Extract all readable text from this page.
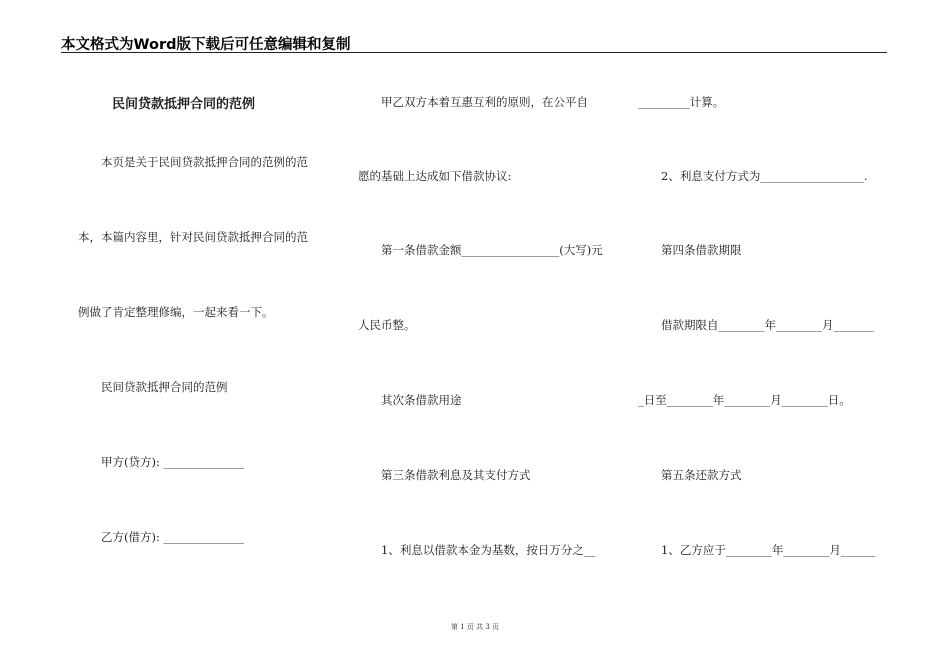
本文格式为Word版下载后可任意编辑和复制
民间贷款抵押合同的范例
本页是关于民间贷款抵押合同的范例的范
本，本篇内容里，针对民间贷款抵押合同的范
例做了肯定整理修编，一起来看一下。
民间贷款抵押合同的范例
甲方(贷方): ______________
乙方(借方): ______________
甲乙双方本着互惠互利的原则，在公平自
愿的基础上达成如下借款协议:
第一条借款金额_________________(大写)元
人民币整。
其次条借款用途
第三条借款利息及其支付方式
1、利息以借款本金为基数，按日万分之__
_________计算。
2、利息支付方式为__________________.
第四条借款期限
借款期限自________年________月_______
_日至________年________月________日。
第五条还款方式
1、乙方应于________年________月______
第 1 页 共 3 页
